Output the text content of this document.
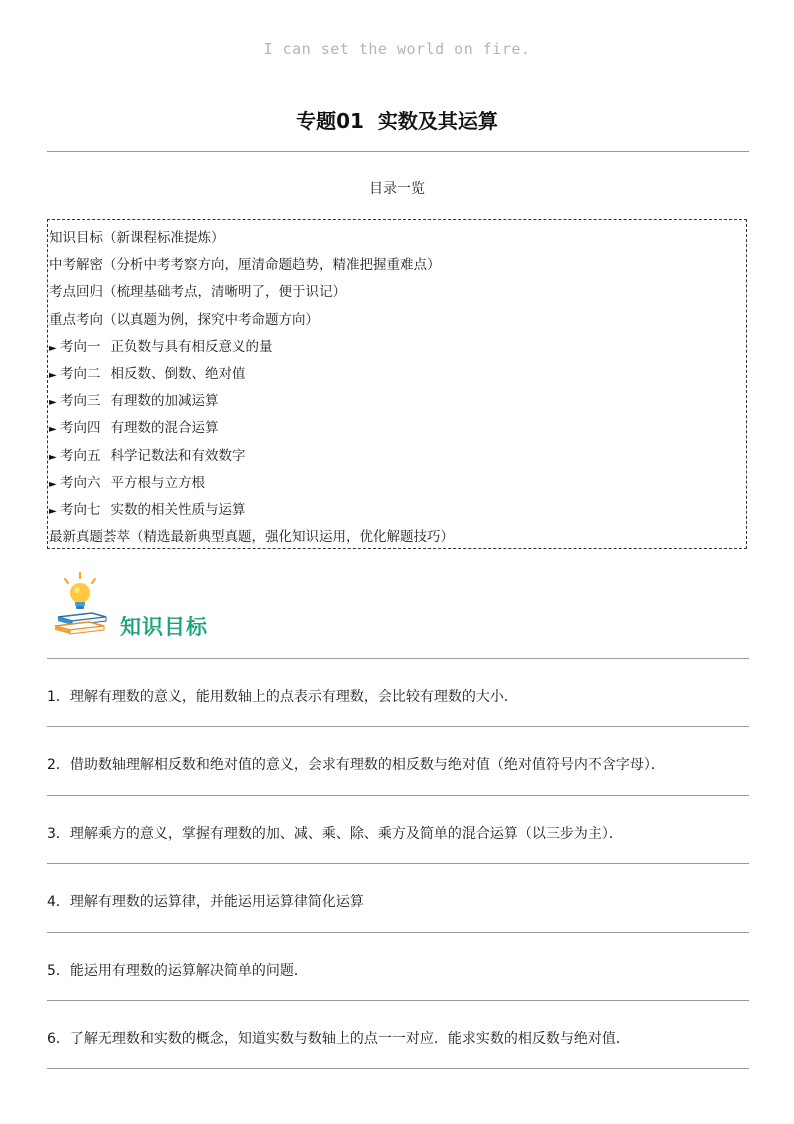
I can set the world on fire.
专题01 实数及其运算
目录一览
知识目标（新课程标准提炼）
中考解密（分析中考考察方向，厘清命题趋势，精准把握重难点）
考点回归（梳理基础考点，清晰明了，便于识记）
重点考向（以真题为例，探究中考命题方向）
► 考向一 正负数与具有相反意义的量
► 考向二 相反数、倒数、绝对值
► 考向三 有理数的加减运算
► 考向四 有理数的混合运算
► 考向五 科学记数法和有效数字
► 考向六 平方根与立方根
► 考向七 实数的相关性质与运算
最新真题荟萃（精选最新典型真题，强化知识运用，优化解题技巧）
知识目标
1．理解有理数的意义，能用数轴上的点表示有理数，会比较有理数的大小．
2．借助数轴理解相反数和绝对值的意义，会求有理数的相反数与绝对值（绝对值符号内不含字母）．
3．理解乘方的意义，掌握有理数的加、减、乘、除、乘方及简单的混合运算（以三步为主）．
4．理解有理数的运算律，并能运用运算律简化运算
5．能运用有理数的运算解决简单的问题．
6．了解无理数和实数的概念，知道实数与数轴上的点一一对应．能求实数的相反数与绝对值．
